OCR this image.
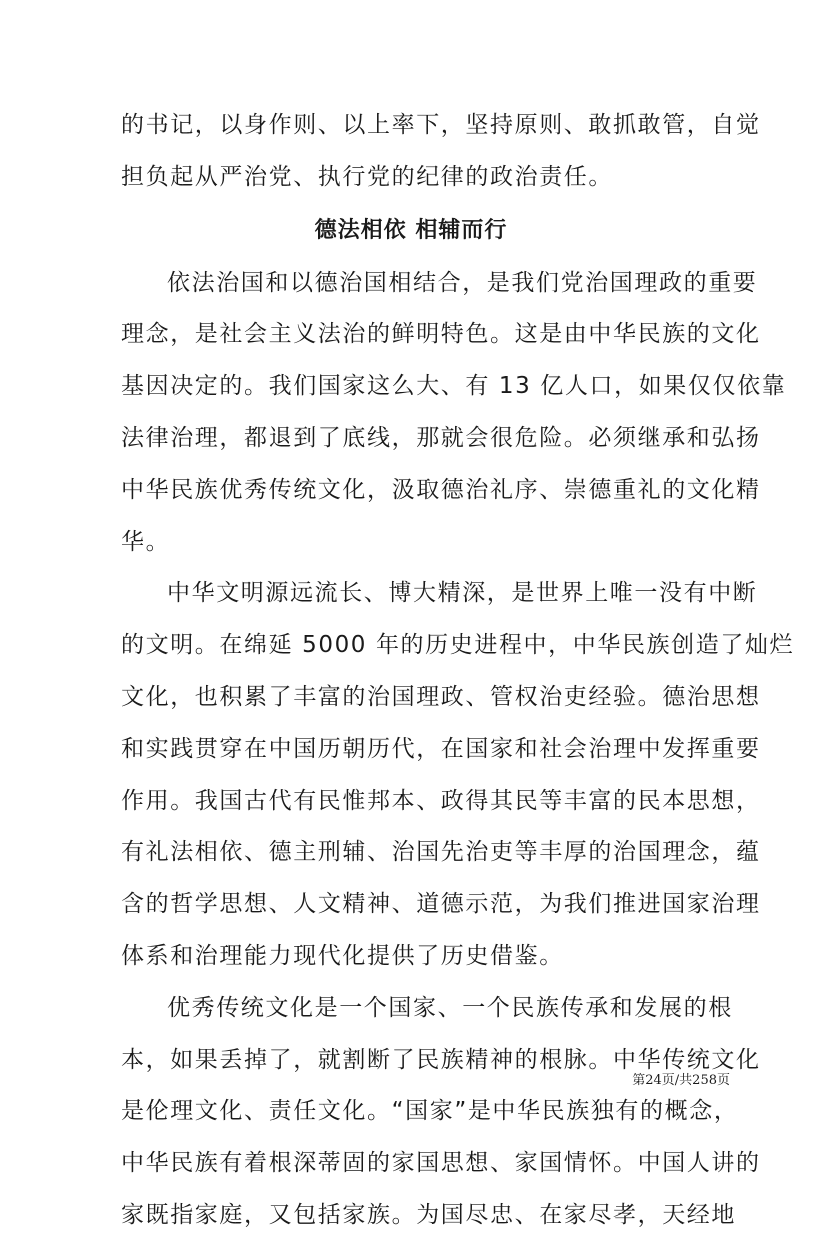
的书记，以身作则、以上率下，坚持原则、敢抓敢管，自觉
担负起从严治党、执行党的纪律的政治责任。
德法相依 相辅而行
依法治国和以德治国相结合，是我们党治国理政的重要
理念，是社会主义法治的鲜明特色。这是由中华民族的文化
基因决定的。我们国家这么大、有 13 亿人口，如果仅仅依靠
法律治理，都退到了底线，那就会很危险。必须继承和弘扬
中华民族优秀传统文化，汲取德治礼序、崇德重礼的文化精
华。
中华文明源远流长、博大精深，是世界上唯一没有中断
的文明。在绵延 5000 年的历史进程中，中华民族创造了灿烂
文化，也积累了丰富的治国理政、管权治吏经验。德治思想
和实践贯穿在中国历朝历代，在国家和社会治理中发挥重要
作用。我国古代有民惟邦本、政得其民等丰富的民本思想，
有礼法相依、德主刑辅、治国先治吏等丰厚的治国理念，蕴
含的哲学思想、人文精神、道德示范，为我们推进国家治理
体系和治理能力现代化提供了历史借鉴。
优秀传统文化是一个国家、一个民族传承和发展的根
本，如果丢掉了，就割断了民族精神的根脉。中华传统文化
是伦理文化、责任文化。“国家”是中华民族独有的概念，
中华民族有着根深蒂固的家国思想、家国情怀。中国人讲的
家既指家庭，又包括家族。为国尽忠、在家尽孝，天经地
第24页/共258页
